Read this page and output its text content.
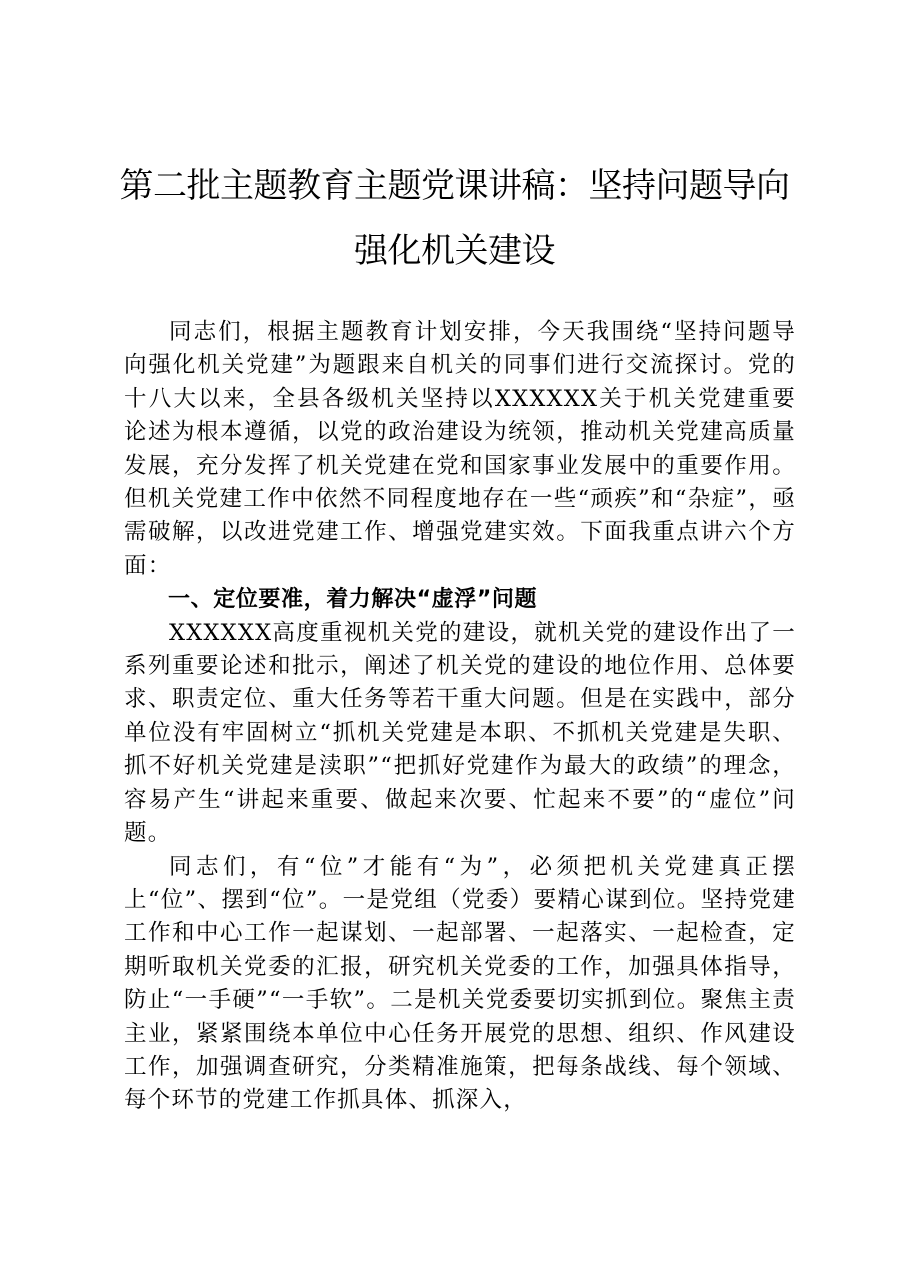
第二批主题教育主题党课讲稿：坚持问题导向
强化机关建设

同志们，根据主题教育计划安排，今天我围绕“坚持问题导向强化机关党建”为题跟来自机关的同事们进行交流探讨。党的十八大以来，全县各级机关坚持以XXXXXX关于机关党建重要论述为根本遵循，以党的政治建设为统领，推动机关党建高质量发展，充分发挥了机关党建在党和国家事业发展中的重要作用。但机关党建工作中依然不同程度地存在一些“顽疾”和“杂症”，亟需破解，以改进党建工作、增强党建实效。下面我重点讲六个方面：

一、定位要准，着力解决“虚浮”问题

XXXXXX高度重视机关党的建设，就机关党的建设作出了一系列重要论述和批示，阐述了机关党的建设的地位作用、总体要求、职责定位、重大任务等若干重大问题。但是在实践中，部分单位没有牢固树立“抓机关党建是本职、不抓机关党建是失职、抓不好机关党建是渎职”“把抓好党建作为最大的政绩”的理念，容易产生“讲起来重要、做起来次要、忙起来不要”的“虚位”问题。

同志们，有“位”才能有“为”，必须把机关党建真正摆上“位”、摆到“位”。一是党组（党委）要精心谋到位。坚持党建工作和中心工作一起谋划、一起部署、一起落实、一起检查，定期听取机关党委的汇报，研究机关党委的工作，加强具体指导，防止“一手硬”“一手软”。二是机关党委要切实抓到位。聚焦主责主业，紧紧围绕本单位中心任务开展党的思想、组织、作风建设工作，加强调查研究，分类精准施策，把每条战线、每个领域、每个环节的党建工作抓具体、抓深入，
